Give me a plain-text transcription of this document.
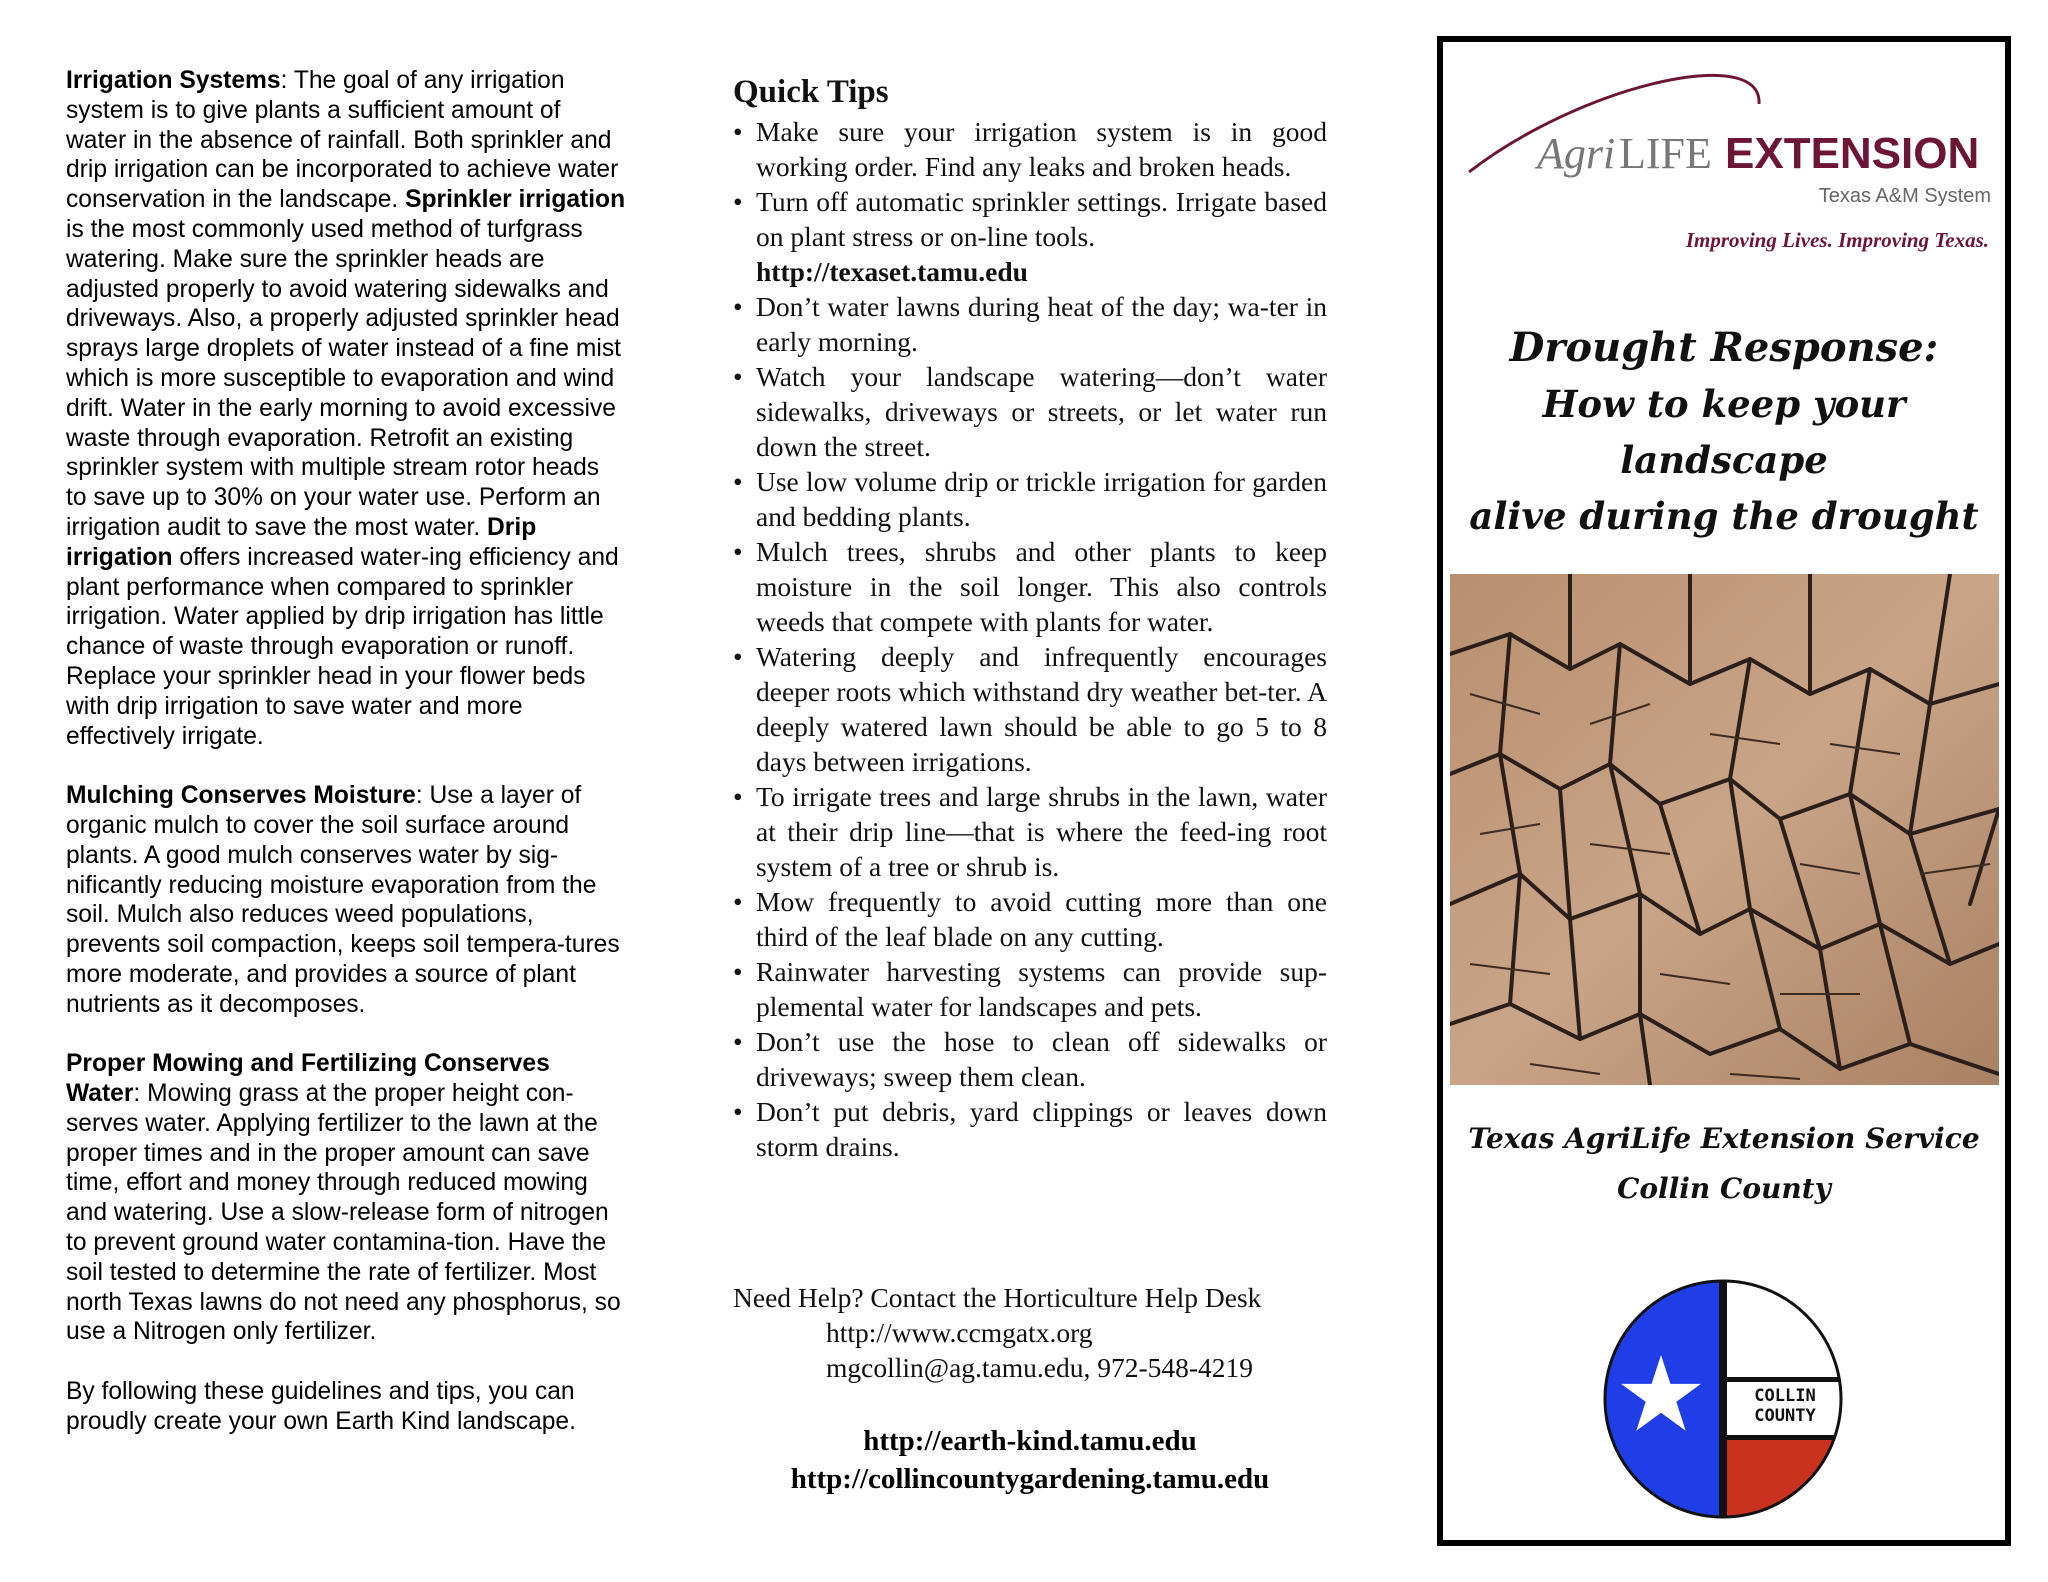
Irrigation Systems: The goal of any irrigation system is to give plants a sufficient amount of water in the absence of rainfall. Both sprinkler and drip irrigation can be incorporated to achieve water conservation in the landscape. Sprinkler irrigation is the most commonly used method of turfgrass watering. Make sure the sprinkler heads are adjusted properly to avoid watering sidewalks and driveways. Also, a properly adjusted sprinkler head sprays large droplets of water instead of a fine mist which is more susceptible to evaporation and wind drift. Water in the early morning to avoid excessive waste through evaporation. Retrofit an existing sprinkler system with multiple stream rotor heads to save up to 30% on your water use. Perform an irrigation audit to save the most water. Drip irrigation offers increased water-ing efficiency and plant performance when compared to sprinkler irrigation. Water applied by drip irrigation has little chance of waste through evaporation or runoff. Replace your sprinkler head in your flower beds with drip irrigation to save water and more effectively irrigate.

Mulching Conserves Moisture: Use a layer of organic mulch to cover the soil surface around plants. A good mulch conserves water by sig-nificantly reducing moisture evaporation from the soil. Mulch also reduces weed populations, prevents soil compaction, keeps soil tempera-tures more moderate, and provides a source of plant nutrients as it decomposes.

Proper Mowing and Fertilizing Conserves Water: Mowing grass at the proper height con-serves water. Applying fertilizer to the lawn at the proper times and in the proper amount can save time, effort and money through reduced mowing and watering. Use a slow-release form of nitrogen to prevent ground water contamina-tion. Have the soil tested to determine the rate of fertilizer. Most north Texas lawns do not need any phosphorus, so use a Nitrogen only fertilizer.

By following these guidelines and tips, you can proudly create your own Earth Kind landscape.

Quick Tips
• Make sure your irrigation system is in good working order. Find any leaks and broken heads.
• Turn off automatic sprinkler settings. Irrigate based on plant stress or on-line tools.
http://texaset.tamu.edu
• Don’t water lawns during heat of the day; wa-ter in early morning.
• Watch your landscape watering—don’t water sidewalks, driveways or streets, or let water run down the street.
• Use low volume drip or trickle irrigation for garden and bedding plants.
• Mulch trees, shrubs and other plants to keep moisture in the soil longer. This also controls weeds that compete with plants for water.
• Watering deeply and infrequently encourages deeper roots which withstand dry weather bet-ter. A deeply watered lawn should be able to go 5 to 8 days between irrigations.
• To irrigate trees and large shrubs in the lawn, water at their drip line—that is where the feed-ing root system of a tree or shrub is.
• Mow frequently to avoid cutting more than one third of the leaf blade on any cutting.
• Rainwater harvesting systems can provide sup-plemental water for landscapes and pets.
• Don’t use the hose to clean off sidewalks or driveways; sweep them clean.
• Don’t put debris, yard clippings or leaves down storm drains.
Need Help? Contact the Horticulture Help Desk
http://www.ccmgatx.org
mgcollin@ag.tamu.edu, 972-548-4219
http://earth-kind.tamu.edu
http://collincountygardening.tamu.edu
Agri LIFE EXTENSION
Texas A&M System
Improving Lives. Improving Texas.
Drought Response:
How to keep your landscape
alive during the drought
Texas AgriLife Extension Service
Collin County
COLLIN
COUNTY
